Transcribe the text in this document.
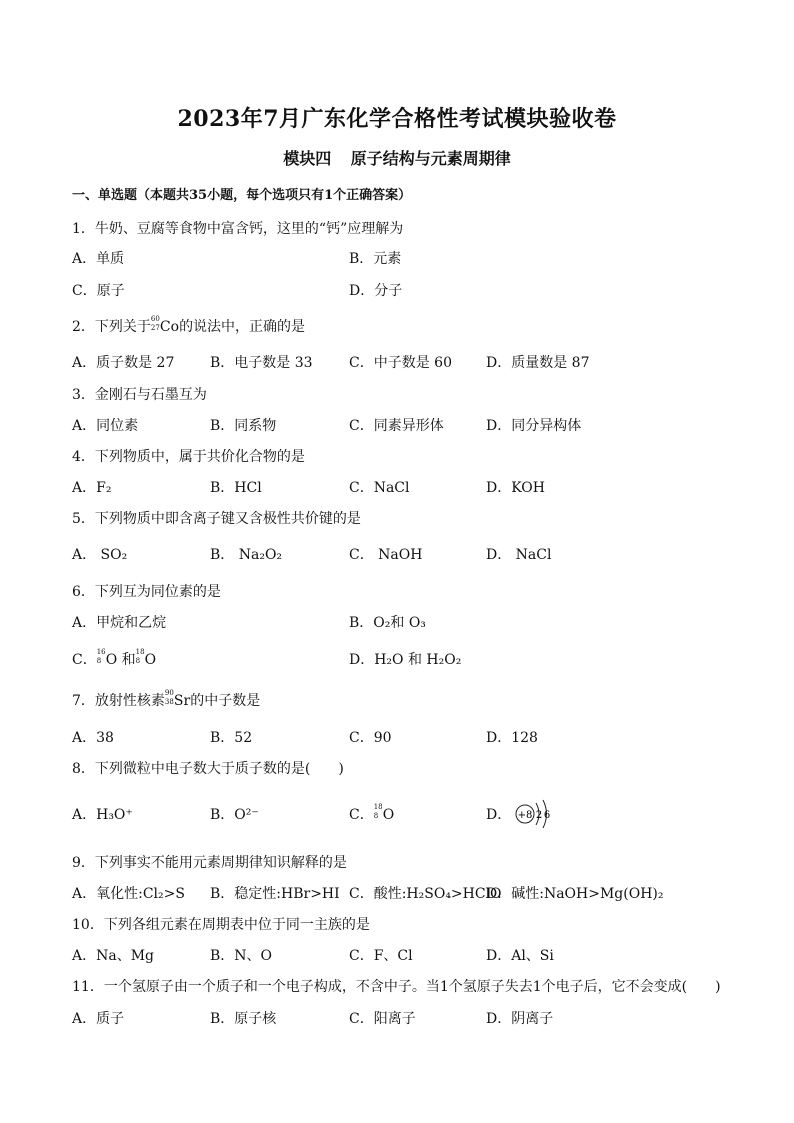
2023年7月广东化学合格性考试模块验收卷
模块四 原子结构与元素周期律
一、单选题（本题共35小题，每个选项只有1个正确答案）
1．牛奶、豆腐等食物中富含钙，这里的“钙”应理解为
A．单质	B．元素
C．原子	D．分子
2．下列关于 60
27 Co的说法中，正确的是
A．质子数是 27	B．电子数是 33	C．中子数是 60 D．质量数是 87
3．金刚石与石墨互为
A．同位素	B．同系物	C．同素异形体	D．同分异构体
4．下列物质中，属于共价化合物的是
A．F₂	B．HCl	C．NaCl	D．KOH
5．下列物质中即含离子键又含极性共价键的是
A． SO₂	B． Na₂O₂	C． NaOH	D． NaCl
6．下列互为同位素的是
A．甲烷和乙烷	B．O₂和 O₃
C． 16
8 O 和 18
8 O	D．H₂O 和 H₂O₂
7．放射性核素 90
38 Sr的中子数是
A．38	B．52	C．90	D．128
8．下列微粒中电子数大于质子数的是(　　)
A．H₃O⁺	B．O²⁻	C． 18
8 O	D． +8 2 6
9．下列事实不能用元素周期律知识解释的是
A．氧化性:Cl₂>S B．稳定性:HBr>HI C．酸性:H₂SO₄>HClO
D．碱性:NaOH>Mg(OH)₂
10．下列各组元素在周期表中位于同一主族的是
A．Na、Mg	B．N、O	C．F、Cl	D．Al、Si
11．一个氢原子由一个质子和一个电子构成，不含中子。当1个氢原子失去1个电子后，它不会变成(　　)
A．质子	B．原子核	C．阳离子	D．阴离子
